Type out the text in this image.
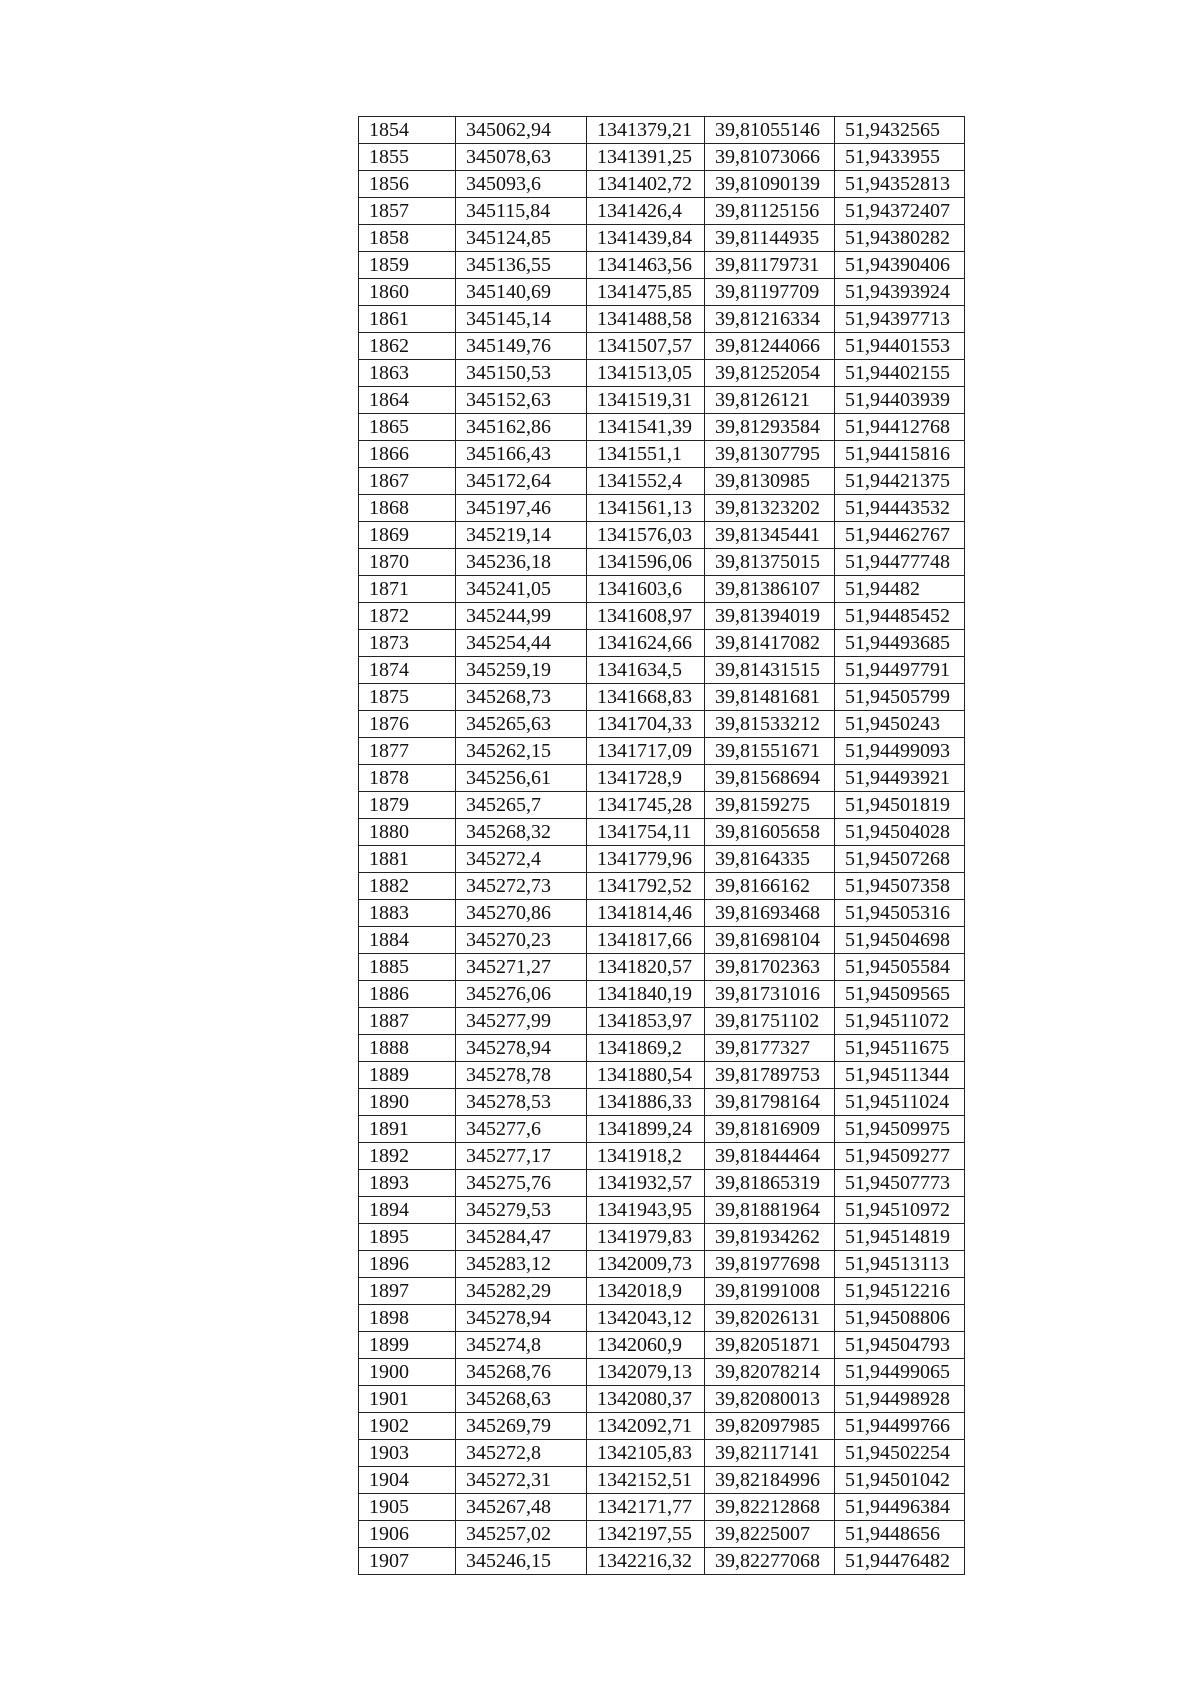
1854	345062,94	1341379,21	39,81055146	51,9432565
1855	345078,63	1341391,25	39,81073066	51,9433955
1856	345093,6	1341402,72	39,81090139	51,94352813
1857	345115,84	1341426,4	39,81125156	51,94372407
1858	345124,85	1341439,84	39,81144935	51,94380282
1859	345136,55	1341463,56	39,81179731	51,94390406
1860	345140,69	1341475,85	39,81197709	51,94393924
1861	345145,14	1341488,58	39,81216334	51,94397713
1862	345149,76	1341507,57	39,81244066	51,94401553
1863	345150,53	1341513,05	39,81252054	51,94402155
1864	345152,63	1341519,31	39,8126121	51,94403939
1865	345162,86	1341541,39	39,81293584	51,94412768
1866	345166,43	1341551,1	39,81307795	51,94415816
1867	345172,64	1341552,4	39,8130985	51,94421375
1868	345197,46	1341561,13	39,81323202	51,94443532
1869	345219,14	1341576,03	39,81345441	51,94462767
1870	345236,18	1341596,06	39,81375015	51,94477748
1871	345241,05	1341603,6	39,81386107	51,94482
1872	345244,99	1341608,97	39,81394019	51,94485452
1873	345254,44	1341624,66	39,81417082	51,94493685
1874	345259,19	1341634,5	39,81431515	51,94497791
1875	345268,73	1341668,83	39,81481681	51,94505799
1876	345265,63	1341704,33	39,81533212	51,9450243
1877	345262,15	1341717,09	39,81551671	51,94499093
1878	345256,61	1341728,9	39,81568694	51,94493921
1879	345265,7	1341745,28	39,8159275	51,94501819
1880	345268,32	1341754,11	39,81605658	51,94504028
1881	345272,4	1341779,96	39,8164335	51,94507268
1882	345272,73	1341792,52	39,8166162	51,94507358
1883	345270,86	1341814,46	39,81693468	51,94505316
1884	345270,23	1341817,66	39,81698104	51,94504698
1885	345271,27	1341820,57	39,81702363	51,94505584
1886	345276,06	1341840,19	39,81731016	51,94509565
1887	345277,99	1341853,97	39,81751102	51,94511072
1888	345278,94	1341869,2	39,8177327	51,94511675
1889	345278,78	1341880,54	39,81789753	51,94511344
1890	345278,53	1341886,33	39,81798164	51,94511024
1891	345277,6	1341899,24	39,81816909	51,94509975
1892	345277,17	1341918,2	39,81844464	51,94509277
1893	345275,76	1341932,57	39,81865319	51,94507773
1894	345279,53	1341943,95	39,81881964	51,94510972
1895	345284,47	1341979,83	39,81934262	51,94514819
1896	345283,12	1342009,73	39,81977698	51,94513113
1897	345282,29	1342018,9	39,81991008	51,94512216
1898	345278,94	1342043,12	39,82026131	51,94508806
1899	345274,8	1342060,9	39,82051871	51,94504793
1900	345268,76	1342079,13	39,82078214	51,94499065
1901	345268,63	1342080,37	39,82080013	51,94498928
1902	345269,79	1342092,71	39,82097985	51,94499766
1903	345272,8	1342105,83	39,82117141	51,94502254
1904	345272,31	1342152,51	39,82184996	51,94501042
1905	345267,48	1342171,77	39,82212868	51,94496384
1906	345257,02	1342197,55	39,8225007	51,9448656
1907	345246,15	1342216,32	39,82277068	51,94476482
